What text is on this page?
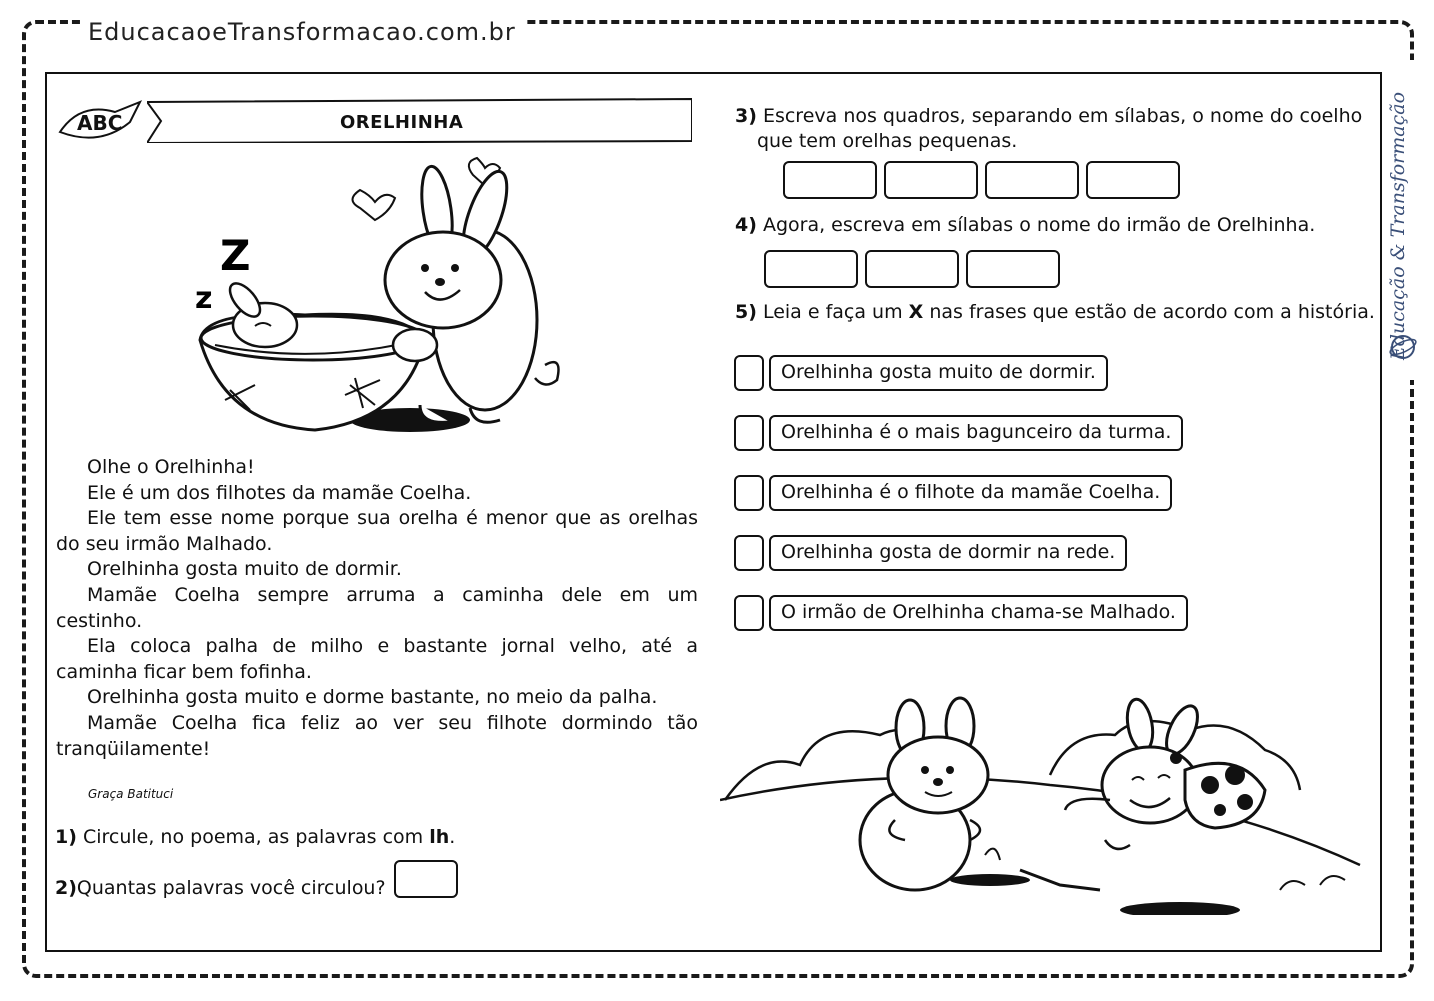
EducacaoeTransformacao.com.br
Educação & Transformação
ABC	ORELHINHA
Z
z

Olhe o Orelhinha!

Ele é um dos filhotes da mamãe Coelha.

Ele tem esse nome porque sua orelha é menor que as orelhas do seu irmão Malhado.

Orelhinha gosta muito de dormir.

Mamãe Coelha sempre arruma a caminha dele em um cestinho.

Ela coloca palha de milho e bastante jornal velho, até a caminha ficar bem fofinha.

Orelhinha gosta muito e dorme bastante, no meio da palha.

Mamãe Coelha fica feliz ao ver seu filhote dormindo tão tranqüilamente!

Graça Batituci
1) Circule, no poema, as palavras com lh.
2)Quantas palavras você circulou?
3) Escreva nos quadros, separando em sílabas, o nome do coelho
que tem orelhas pequenas.
4) Agora, escreva em sílabas o nome do irmão de Orelhinha.
5) Leia e faça um X nas frases que estão de acordo com a história.
Orelhinha gosta muito de dormir.
Orelhinha é o mais bagunceiro da turma.
Orelhinha é o filhote da mamãe Coelha.
Orelhinha gosta de dormir na rede.
O irmão de Orelhinha chama-se Malhado.
